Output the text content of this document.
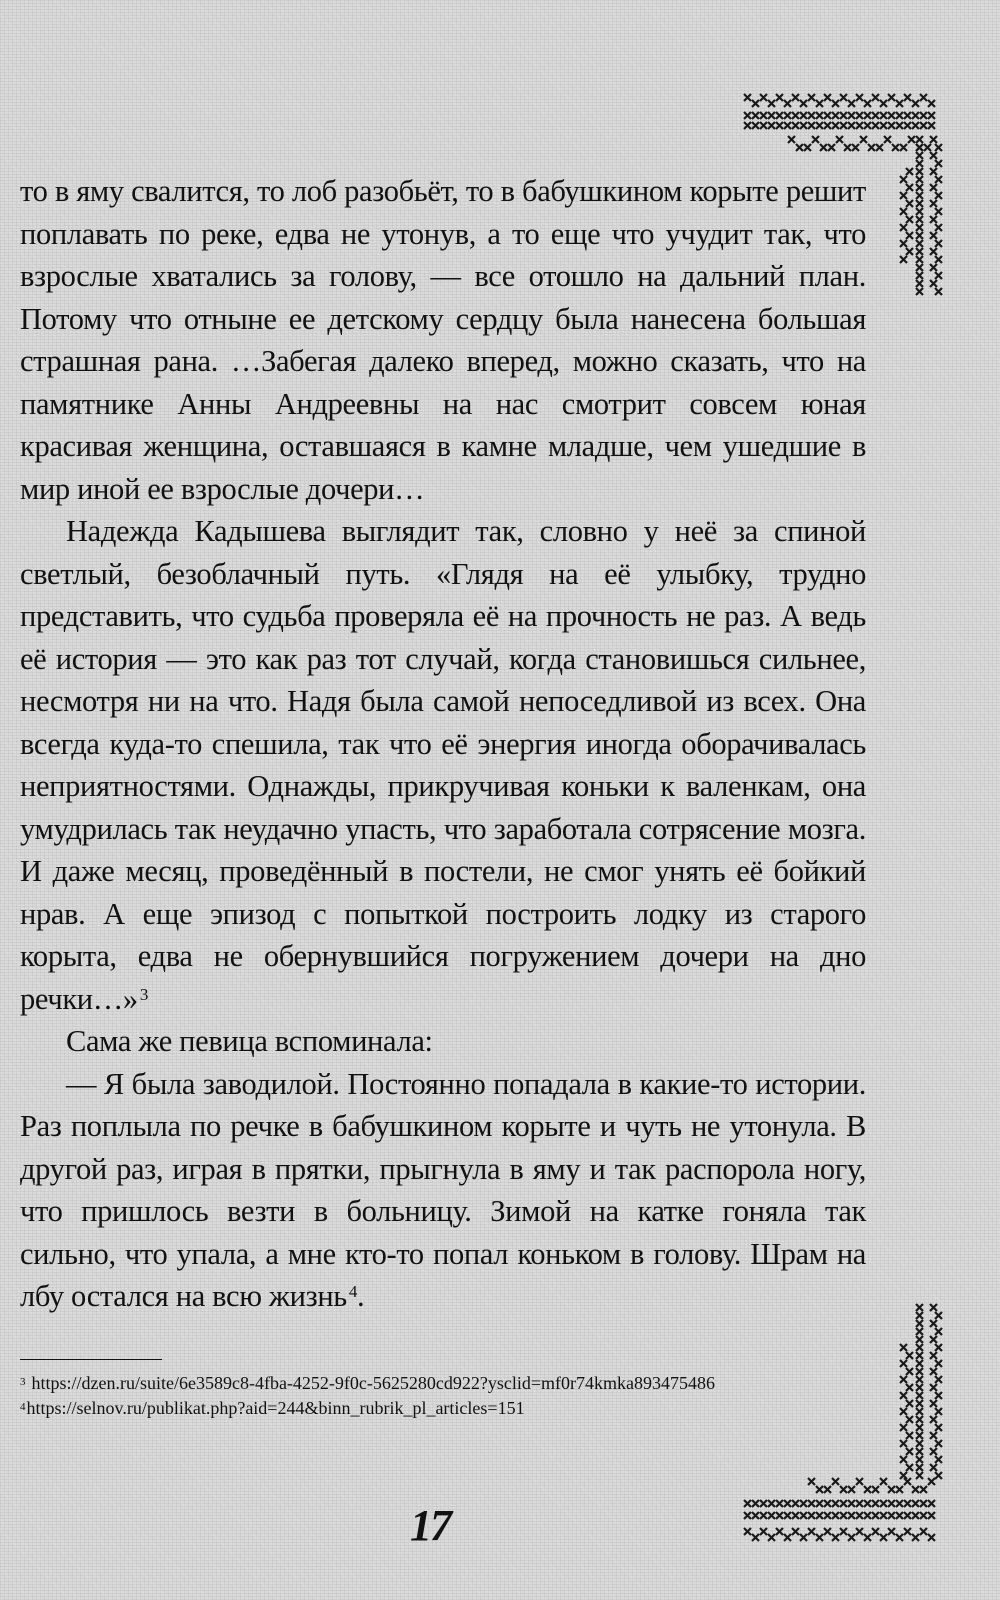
то в яму свалится, то лоб разобьёт, то в бабушкином корыте решит поплавать по реке, едва не утонув, а то еще что учудит так, что взрослые хватались за голову, — все отошло на дальний план. Потому что отныне ее детскому сердцу была нанесена большая страшная рана. …Забегая далеко вперед, можно сказать, что на памятнике Анны Андреевны на нас смотрит совсем юная красивая женщина, оставшаяся в камне младше, чем ушедшие в мир иной ее взрослые дочери…

Надежда Кадышева выглядит так, словно у неё за спиной светлый, безоблачный путь. «Глядя на её улыбку, трудно представить, что судьба проверяла её на прочность не раз. А ведь её история — это как раз тот случай, когда становишься сильнее, несмотря ни на что. Надя была самой непоседливой из всех. Она всегда куда-то спешила, так что её энергия иногда оборачивалась неприятностями. Однажды, прикручивая коньки к валенкам, она умудрилась так неудачно упасть, что заработала сотрясение мозга. И даже месяц, проведённый в постели, не смог унять её бойкий нрав. А еще эпизод с попыткой построить лодку из старого корыта, едва не обернувшийся погружением дочери на дно речки…» $^3$

Сама же певица вспоминала:

— Я была заводилой. Постоянно попадала в какие-то истории. Раз поплыла по речке в бабушкином корыте и чуть не утонула. В другой раз, играя в прятки, прыгнула в яму и так распорола ногу, что пришлось везти в больницу. Зимой на катке гоняла так сильно, что упала, а мне кто-то попал коньком в голову. Шрам на лбу остался на всю жизнь $^4$.

$^3$ https://dzen.ru/suite/6e3589c8-4fba-4252-9f0c-5625280cd922?ysclid=mf0r74kmka893475486

$^4$https://selnov.ru/publikat.php?aid=244&binn_rubrik_pl_articles=151

17
